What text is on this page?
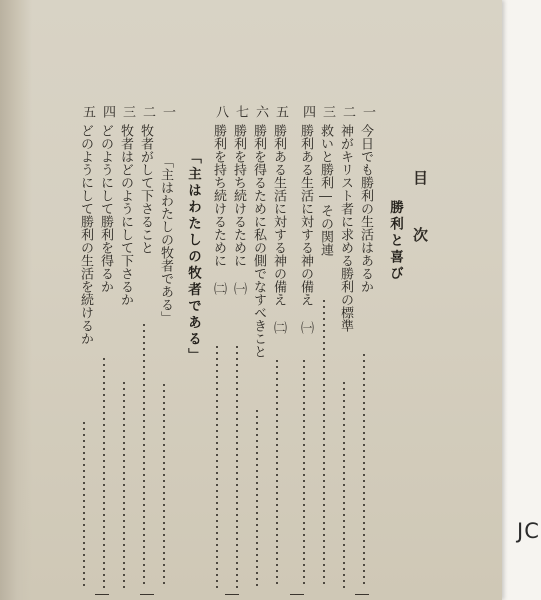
目 次
勝利と喜び
一
今日でも勝利の生活はあるか
二
神がキリスト者に求める勝利の標準
三
救いと勝利―その関連
四
勝利ある生活に対する神の備え ㈠
五
勝利ある生活に対する神の備え ㈡
六
勝利を得るために私の側でなすべきこと
七
勝利を持ち続けるために ㈠
八
勝利を持ち続けるために ㈡
「主はわたしの牧者である」
一
「主はわたしの牧者である」
二
牧者がして下さること
三
牧者はどのようにして下さるか
四
どのようにして勝利を得るか
五
どのようにして勝利の生活を続けるか
JC
